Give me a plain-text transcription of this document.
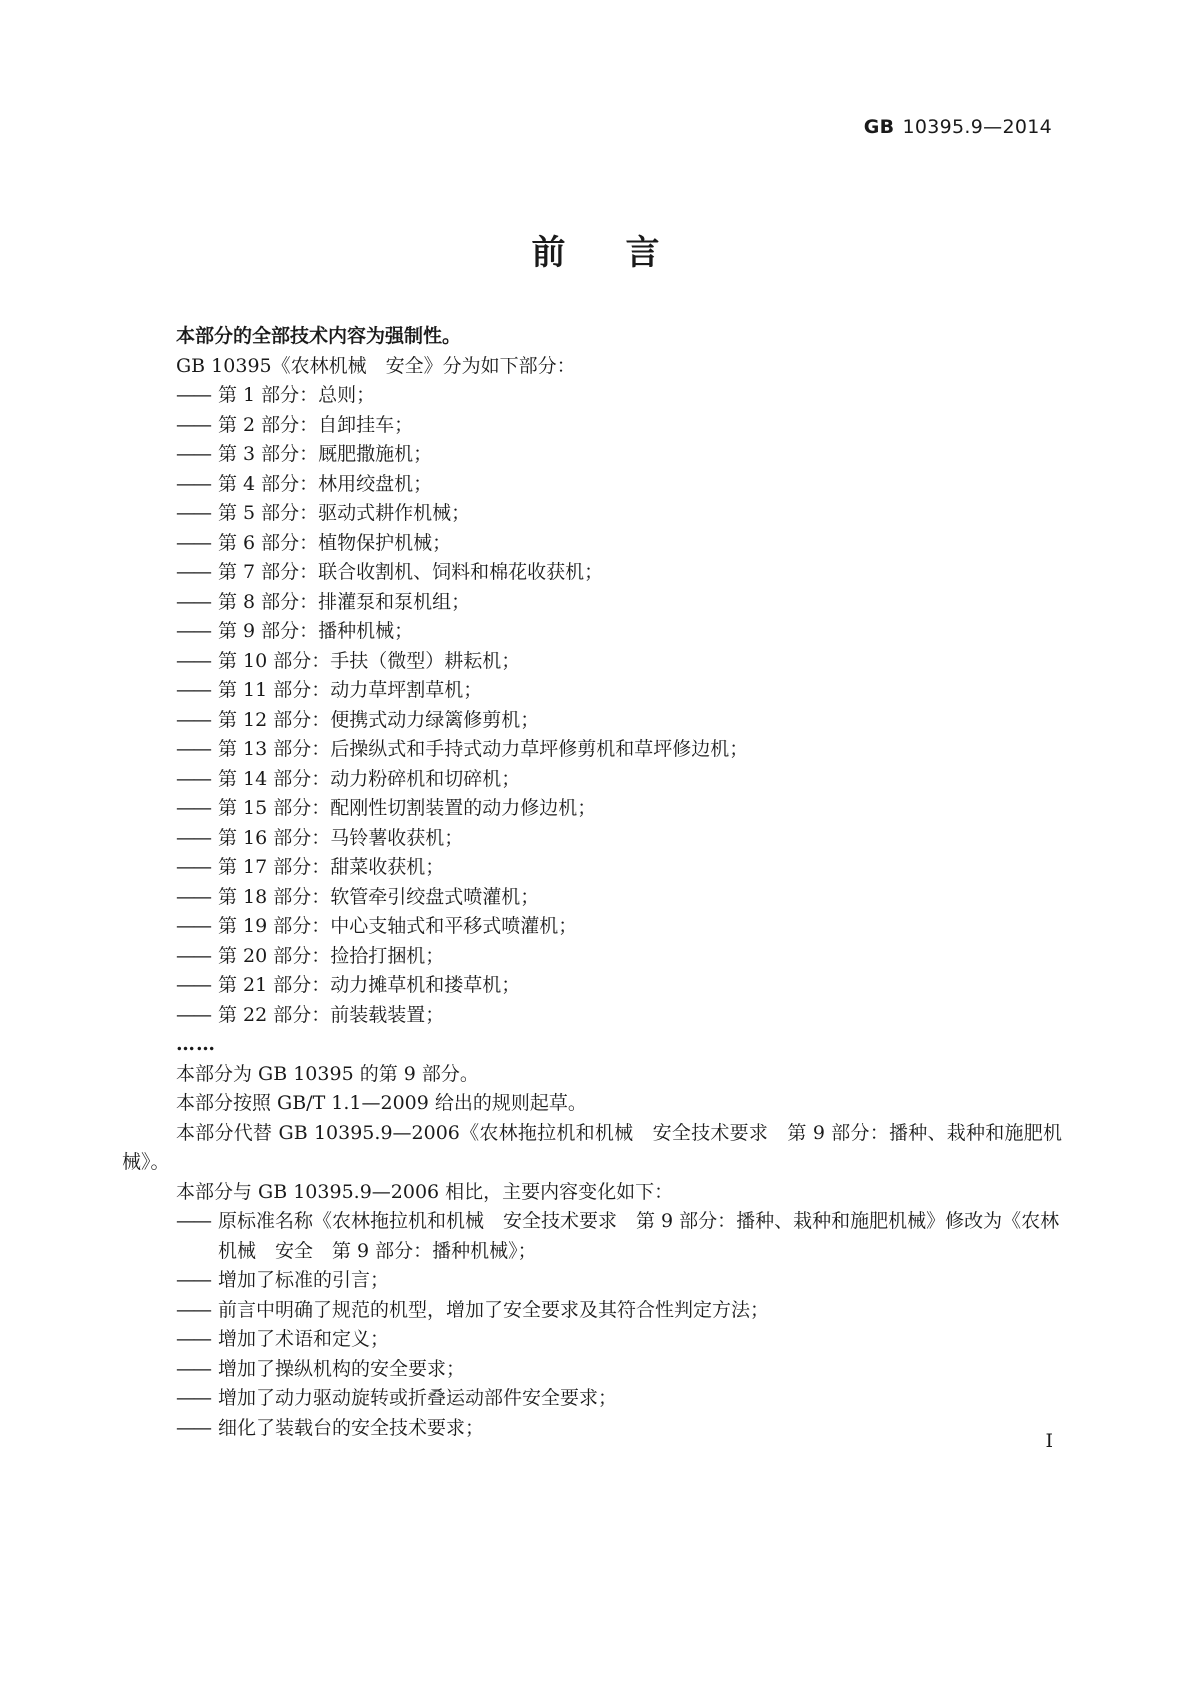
GB 10395.9—2014
前言
本部分的全部技术内容为强制性。
GB 10395《农林机械　安全》分为如下部分：
—— 第 1 部分：总则；
—— 第 2 部分：自卸挂车；
—— 第 3 部分：厩肥撒施机；
—— 第 4 部分：林用绞盘机；
—— 第 5 部分：驱动式耕作机械；
—— 第 6 部分：植物保护机械；
—— 第 7 部分：联合收割机、饲料和棉花收获机；
—— 第 8 部分：排灌泵和泵机组；
—— 第 9 部分：播种机械；
—— 第 10 部分：手扶（微型）耕耘机；
—— 第 11 部分：动力草坪割草机；
—— 第 12 部分：便携式动力绿篱修剪机；
—— 第 13 部分：后操纵式和手持式动力草坪修剪机和草坪修边机；
—— 第 14 部分：动力粉碎机和切碎机；
—— 第 15 部分：配刚性切割装置的动力修边机；
—— 第 16 部分：马铃薯收获机；
—— 第 17 部分：甜菜收获机；
—— 第 18 部分：软管牵引绞盘式喷灌机；
—— 第 19 部分：中心支轴式和平移式喷灌机；
—— 第 20 部分：捡拾打捆机；
—— 第 21 部分：动力摊草机和搂草机；
—— 第 22 部分：前装载装置；
……
本部分为 GB 10395 的第 9 部分。
本部分按照 GB/T 1.1—2009 给出的规则起草。
本部分代替 GB 10395.9—2006《农林拖拉机和机械　安全技术要求　第 9 部分：播种、栽种和施肥机械》。
本部分与 GB 10395.9—2006 相比，主要内容变化如下：
—— 原标准名称《农林拖拉机和机械　安全技术要求　第 9 部分：播种、栽种和施肥机械》修改为《农林机械　安全　第 9 部分：播种机械》；
—— 增加了标准的引言；
—— 前言中明确了规范的机型，增加了安全要求及其符合性判定方法；
—— 增加了术语和定义；
—— 增加了操纵机构的安全要求；
—— 增加了动力驱动旋转或折叠运动部件安全要求；
—— 细化了装载台的安全技术要求；
I
